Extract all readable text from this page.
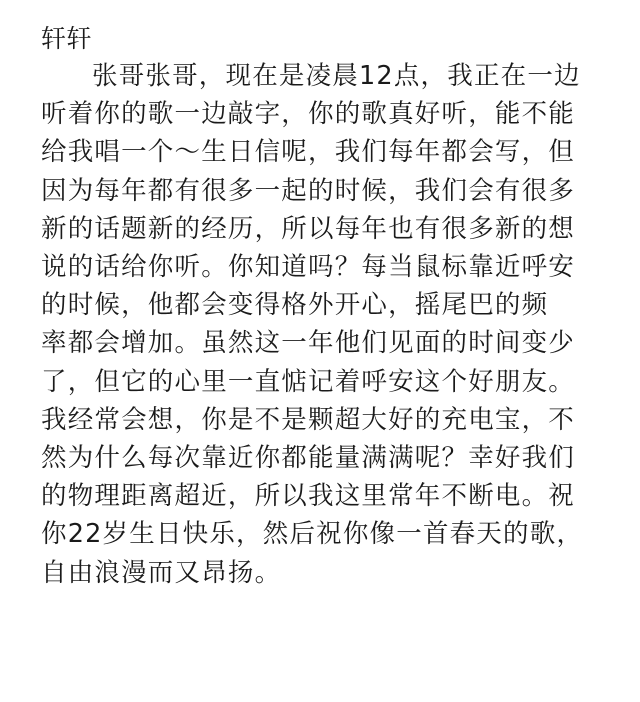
轩轩
张哥张哥，现在是凌晨12点，我正在一边
听着你的歌一边敲字，你的歌真好听，能不能
给我唱一个～生日信呢，我们每年都会写，但
因为每年都有很多一起的时候，我们会有很多
新的话题新的经历，所以每年也有很多新的想
说的话给你听。你知道吗？每当鼠标靠近呼安
的时候，他都会变得格外开心，摇尾巴的频
率都会增加。虽然这一年他们见面的时间变少
了，但它的心里一直惦记着呼安这个好朋友。
我经常会想，你是不是颗超大好的充电宝，不
然为什么每次靠近你都能量满满呢？幸好我们
的物理距离超近，所以我这里常年不断电。祝
你22岁生日快乐，然后祝你像一首春天的歌，
自由浪漫而又昂扬。
